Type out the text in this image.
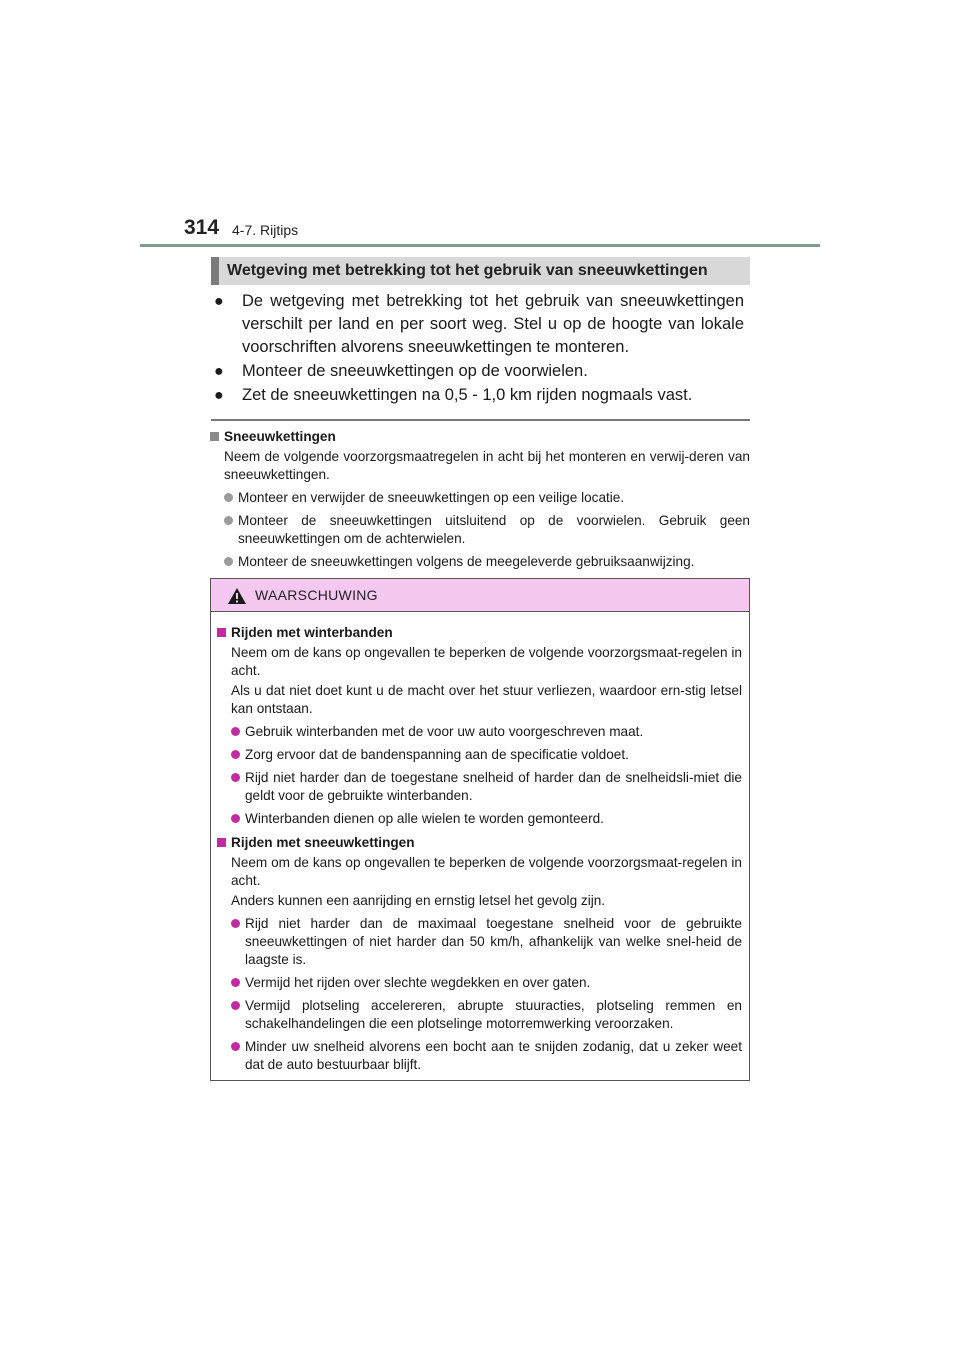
314 4-7. Rijtips
Wetgeving met betrekking tot het gebruik van sneeuwkettingen
● De wetgeving met betrekking tot het gebruik van sneeuwkettingen verschilt per land en per soort weg. Stel u op de hoogte van lokale voorschriften alvorens sneeuwkettingen te monteren.
● Monteer de sneeuwkettingen op de voorwielen.
● Zet de sneeuwkettingen na 0,5 - 1,0 km rijden nogmaals vast.
Sneeuwkettingen
Neem de volgende voorzorgsmaatregelen in acht bij het monteren en verwij-deren van sneeuwkettingen.
Monteer en verwijder de sneeuwkettingen op een veilige locatie.
Monteer de sneeuwkettingen uitsluitend op de voorwielen. Gebruik geen sneeuwkettingen om de achterwielen.
Monteer de sneeuwkettingen volgens de meegeleverde gebruiksaanwijzing.
WAARSCHUWING
Rijden met winterbanden
Neem om de kans op ongevallen te beperken de volgende voorzorgsmaat-regelen in acht.
Als u dat niet doet kunt u de macht over het stuur verliezen, waardoor ern-stig letsel kan ontstaan.
Gebruik winterbanden met de voor uw auto voorgeschreven maat.
Zorg ervoor dat de bandenspanning aan de specificatie voldoet.
Rijd niet harder dan de toegestane snelheid of harder dan de snelheidsli-miet die geldt voor de gebruikte winterbanden.
Winterbanden dienen op alle wielen te worden gemonteerd.
Rijden met sneeuwkettingen
Neem om de kans op ongevallen te beperken de volgende voorzorgsmaat-regelen in acht.
Anders kunnen een aanrijding en ernstig letsel het gevolg zijn.
Rijd niet harder dan de maximaal toegestane snelheid voor de gebruikte sneeuwkettingen of niet harder dan 50 km/h, afhankelijk van welke snel-heid de laagste is.
Vermijd het rijden over slechte wegdekken en over gaten.
Vermijd plotseling accelereren, abrupte stuuracties, plotseling remmen en schakelhandelingen die een plotselinge motorremwerking veroorzaken.
Minder uw snelheid alvorens een bocht aan te snijden zodanig, dat u zeker weet dat de auto bestuurbaar blijft.
